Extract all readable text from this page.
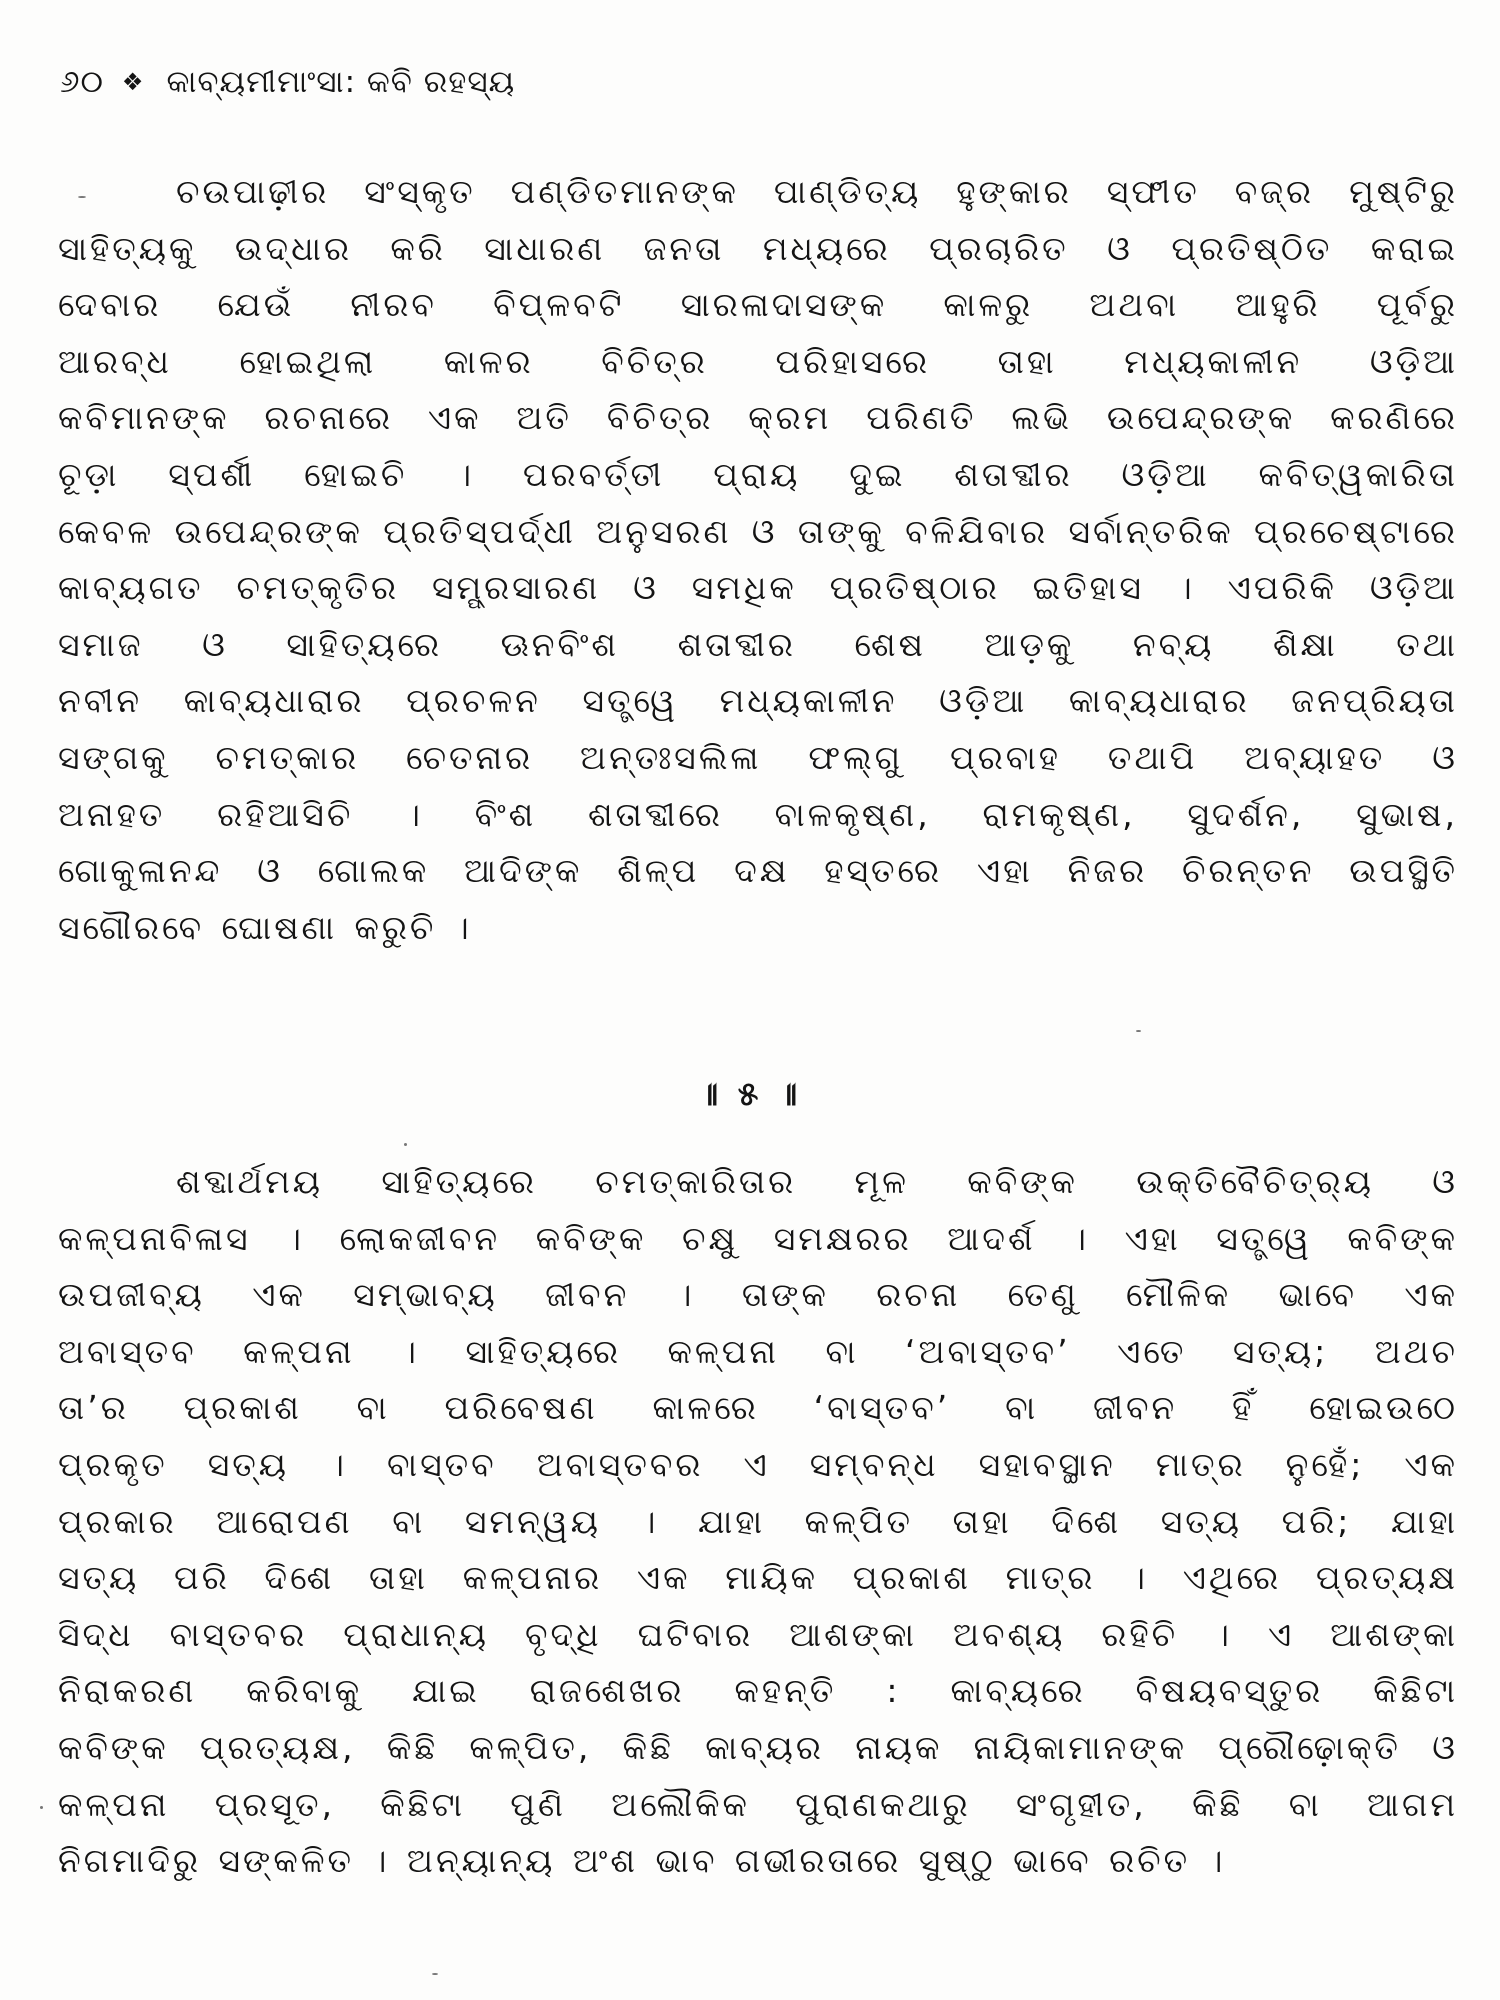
୬୦ ❖ କାବ୍ୟମୀମାଂସା: କବି ରହସ୍ୟ
ଚଉପାଢ଼ୀର ସଂସ୍କୃତ ପଣ୍ଡିତମାନଙ୍କ ପାଣ୍ଡିତ୍ୟ ହୁଙ୍କାର ସ୍ଫୀତ ବଜ୍ର ମୁଷ୍ଟିରୁ
ସାହିତ୍ୟକୁ ଉଦ୍ଧାର କରି ସାଧାରଣ ଜନତା ମଧ୍ୟରେ ପ୍ରଚାରିତ ଓ ପ୍ରତିଷ୍ଠିତ କରାଇ
ଦେବାର ଯେଉଁ ନୀରବ ବିପ୍ଳବଟି ସାରଳାଦାସଙ୍କ କାଳରୁ ଅଥବା ଆହୁରି ପୂର୍ବରୁ
ଆରବ୍ଧ ହୋଇଥିଲା କାଳର ବିଚିତ୍ର ପରିହାସରେ ତାହା ମଧ୍ୟକାଳୀନ ଓଡ଼ିଆ
କବିମାନଙ୍କ ରଚନାରେ ଏକ ଅତି ବିଚିତ୍ର କ୍ରମ ପରିଣତି ଲଭି ଉପେନ୍ଦ୍ରଙ୍କ କରଣିରେ
ଚୂଡ଼ା ସ୍ପର୍ଶୀ ହୋଇଚି । ପରବର୍ତ୍ତୀ ପ୍ରାୟ ଦୁଇ ଶତାବ୍ଦୀର ଓଡ଼ିଆ କବିତ୍ୱକାରିତା
କେବଳ ଉପେନ୍ଦ୍ରଙ୍କ ପ୍ରତିସ୍ପର୍ଦ୍ଧୀ ଅନୁସରଣ ଓ ତାଙ୍କୁ ବଳିଯିବାର ସର୍ବାନ୍ତରିକ ପ୍ରଚେଷ୍ଟାରେ
କାବ୍ୟଗତ ଚମତ୍କୃତିର ସମ୍ପ୍ରସାରଣ ଓ ସମଧିକ ପ୍ରତିଷ୍ଠାର ଇତିହାସ । ଏପରିକି ଓଡ଼ିଆ
ସମାଜ ଓ ସାହିତ୍ୟରେ ଊନବିଂଶ ଶତାବ୍ଦୀର ଶେଷ ଆଡ଼କୁ ନବ୍ୟ ଶିକ୍ଷା ତଥା
ନବୀନ କାବ୍ୟଧାରାର ପ୍ରଚଳନ ସତ୍ତ୍ୱେ ମଧ୍ୟକାଳୀନ ଓଡ଼ିଆ କାବ୍ୟଧାରାର ଜନପ୍ରିୟତା
ସଙ୍ଗକୁ ଚମତ୍କାର ଚେତନାର ଅନ୍ତଃସଲିଳା ଫଲ୍‌ଗୁ ପ୍ରବାହ ତଥାପି ଅବ୍ୟାହତ ଓ
ଅନାହତ ରହିଆସିଚି । ବିଂଶ ଶତାବ୍ଦୀରେ ବାଳକୃଷ୍ଣ, ରାମକୃଷ୍ଣ, ସୁଦର୍ଶନ, ସୁଭାଷ,
ଗୋକୁଳାନନ୍ଦ ଓ ଗୋଲକ ଆଦିଙ୍କ ଶିଳ୍ପ ଦକ୍ଷ ହସ୍ତରେ ଏହା ନିଜର ଚିରନ୍ତନ ଉପସ୍ଥିତି
ସଗୌରବେ ଘୋଷଣା କରୁଚି ।
॥ ୫ ॥
ଶବ୍ଦାର୍ଥମୟ ସାହିତ୍ୟରେ ଚମତ୍କାରିତାର ମୂଳ କବିଙ୍କ ଉକ୍ତିବୈଚିତ୍ର୍ୟ ଓ
କଳ୍ପନାବିଳାସ । ଲୋକଜୀବନ କବିଙ୍କ ଚକ୍ଷୁ ସମକ୍ଷରର ଆଦର୍ଶ । ଏହା ସତ୍ତ୍ୱେ କବିଙ୍କ
ଉପଜୀବ୍ୟ ଏକ ସମ୍ଭାବ୍ୟ ଜୀବନ । ତାଙ୍କ ରଚନା ତେଣୁ ମୌଳିକ ଭାବେ ଏକ
ଅବାସ୍ତବ କଳ୍ପନା । ସାହିତ୍ୟରେ କଳ୍ପନା ବା ‘ଅବାସ୍ତବ’ ଏତେ ସତ୍ୟ; ଅଥଚ
ତା’ର ପ୍ରକାଶ ବା ପରିବେଷଣ କାଳରେ ‘ବାସ୍ତବ’ ବା ଜୀବନ ହିଁ ହୋଇଉଠେ
ପ୍ରକୃତ ସତ୍ୟ । ବାସ୍ତବ ଅବାସ୍ତବର ଏ ସମ୍ବନ୍ଧ ସହାବସ୍ଥାନ ମାତ୍ର ନୁହେଁ; ଏକ
ପ୍ରକାର ଆରୋପଣ ବା ସମନ୍ୱୟ । ଯାହା କଳ୍ପିତ ତାହା ଦିଶେ ସତ୍ୟ ପରି; ଯାହା
ସତ୍ୟ ପରି ଦିଶେ ତାହା କଳ୍ପନାର ଏକ ମାୟିକ ପ୍ରକାଶ ମାତ୍ର । ଏଥିରେ ପ୍ରତ୍ୟକ୍ଷ
ସିଦ୍ଧ ବାସ୍ତବର ପ୍ରାଧାନ୍ୟ ବୃଦ୍ଧି ଘଟିବାର ଆଶଙ୍କା ଅବଶ୍ୟ ରହିଚି । ଏ ଆଶଙ୍କା
ନିରାକରଣ କରିବାକୁ ଯାଇ ରାଜଶେଖର କହନ୍ତି : କାବ୍ୟରେ ବିଷୟବସ୍ତୁର କିଛିଟା
କବିଙ୍କ ପ୍ରତ୍ୟକ୍ଷ, କିଛି କଳ୍ପିତ, କିଛି କାବ୍ୟର ନାୟକ ନାୟିକାମାନଙ୍କ ପ୍ରୌଢ଼ୋକ୍ତି ଓ
କଳ୍ପନା ପ୍ରସୂତ, କିଛିଟା ପୁଣି ଅଲୌକିକ ପୁରାଣକଥାରୁ ସଂଗୃହୀତ, କିଛି ବା ଆଗମ
ନିଗମାଦିରୁ ସଙ୍କଳିତ । ଅନ୍ୟାନ୍ୟ ଅଂଶ ଭାବ ଗଭୀରତାରେ ସୁଷ୍ଠୁ ଭାବେ ରଚିତ ।
